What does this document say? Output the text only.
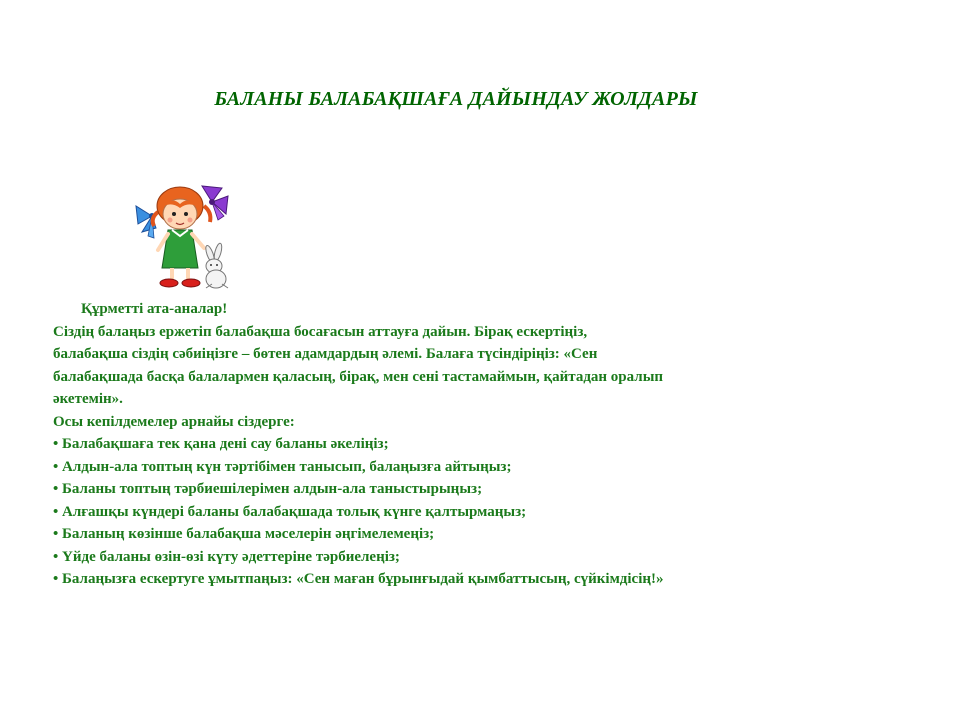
БАЛАНЫ БАЛАБАҚШАҒА ДАЙЫНДАУ ЖОЛДАРЫ
Құрметті ата-аналар!
Сіздің балаңыз ержетіп балабақша босағасын аттауға дайын. Бірақ ескертіңіз,
балабақша сіздің сәбиіңізге – бөтен адамдардың әлемі. Балаға түсіндіріңіз: «Сен
балабақшада басқа балалармен қаласың, бірақ, мен сені тастамаймын, қайтадан оралып
әкетемін».
Осы кепілдемелер арнайы сіздерге:
• Балабақшаға тек қана дені сау баланы әкеліңіз;
• Алдын-ала топтың күн тәртібімен танысып, балаңызға айтыңыз;
• Баланы топтың тәрбиешілерімен алдын-ала таныстырыңыз;
• Алғашқы күндері баланы балабақшада толық күнге қалтырмаңыз;
• Баланың көзінше балабақша мәселерін әңгімелемеңіз;
• Үйде баланы өзін-өзі күту әдеттеріне тәрбиелеңіз;
• Балаңызға ескертуге ұмытпаңыз: «Сен маған бұрынғыдай қымбаттысың, сүйкімдісің!»
